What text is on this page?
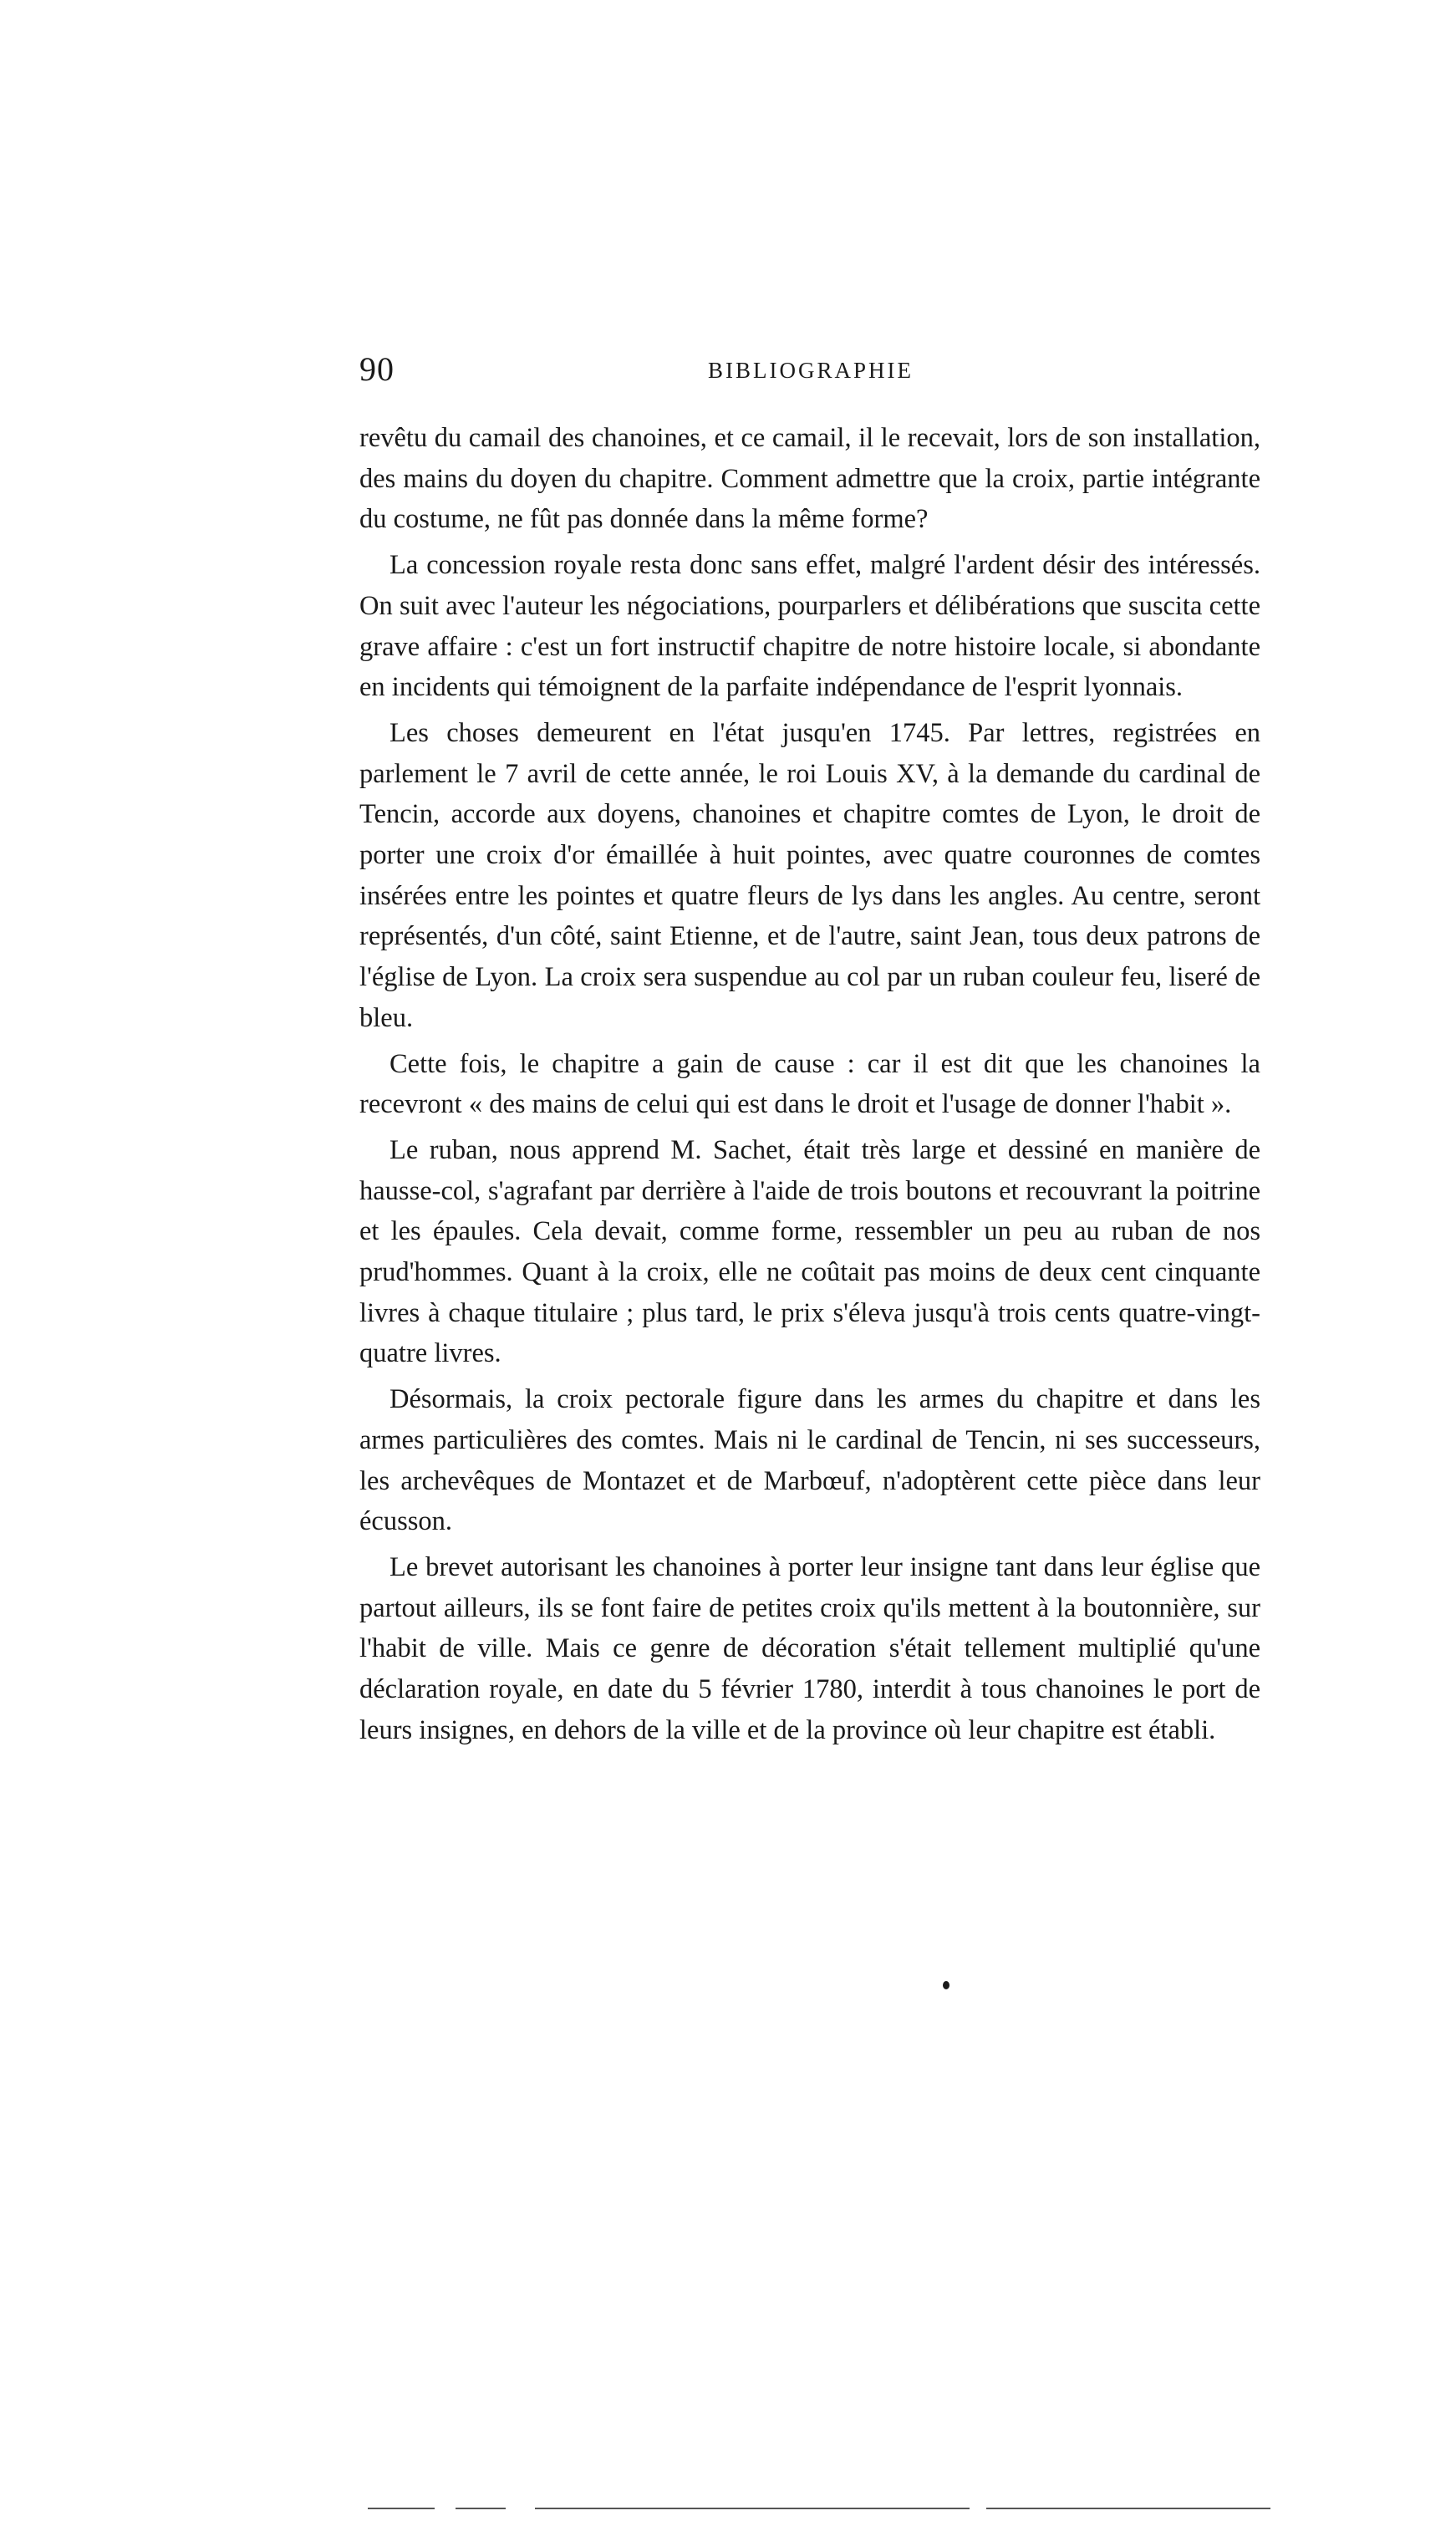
90	BIBLIOGRAPHIE

revêtu du camail des chanoines, et ce camail, il le recevait, lors de son installation, des mains du doyen du chapitre. Comment admettre que la croix, partie intégrante du costume, ne fût pas donnée dans la même forme?

La concession royale resta donc sans effet, malgré l'ardent désir des intéressés. On suit avec l'auteur les négociations, pourparlers et délibérations que suscita cette grave affaire : c'est un fort instructif chapitre de notre histoire locale, si abondante en incidents qui témoignent de la parfaite indépendance de l'esprit lyonnais.

Les choses demeurent en l'état jusqu'en 1745. Par lettres, registrées en parlement le 7 avril de cette année, le roi Louis XV, à la demande du cardinal de Tencin, accorde aux doyens, chanoines et chapitre comtes de Lyon, le droit de porter une croix d'or émaillée à huit pointes, avec quatre couronnes de comtes insérées entre les pointes et quatre fleurs de lys dans les angles. Au centre, seront représentés, d'un côté, saint Etienne, et de l'autre, saint Jean, tous deux patrons de l'église de Lyon. La croix sera suspendue au col par un ruban couleur feu, liseré de bleu.

Cette fois, le chapitre a gain de cause : car il est dit que les chanoines la recevront « des mains de celui qui est dans le droit et l'usage de donner l'habit ».

Le ruban, nous apprend M. Sachet, était très large et dessiné en manière de hausse-col, s'agrafant par derrière à l'aide de trois boutons et recouvrant la poitrine et les épaules. Cela devait, comme forme, ressembler un peu au ruban de nos prud'hommes. Quant à la croix, elle ne coûtait pas moins de deux cent cinquante livres à chaque titulaire ; plus tard, le prix s'éleva jusqu'à trois cents quatre-vingt-quatre livres.

Désormais, la croix pectorale figure dans les armes du chapitre et dans les armes particulières des comtes. Mais ni le cardinal de Tencin, ni ses successeurs, les archevêques de Montazet et de Marbœuf, n'adoptèrent cette pièce dans leur écusson.

Le brevet autorisant les chanoines à porter leur insigne tant dans leur église que partout ailleurs, ils se font faire de petites croix qu'ils mettent à la boutonnière, sur l'habit de ville. Mais ce genre de décoration s'était tellement multiplié qu'une déclaration royale, en date du 5 février 1780, interdit à tous chanoines le port de leurs insignes, en dehors de la ville et de la province où leur chapitre est établi.
